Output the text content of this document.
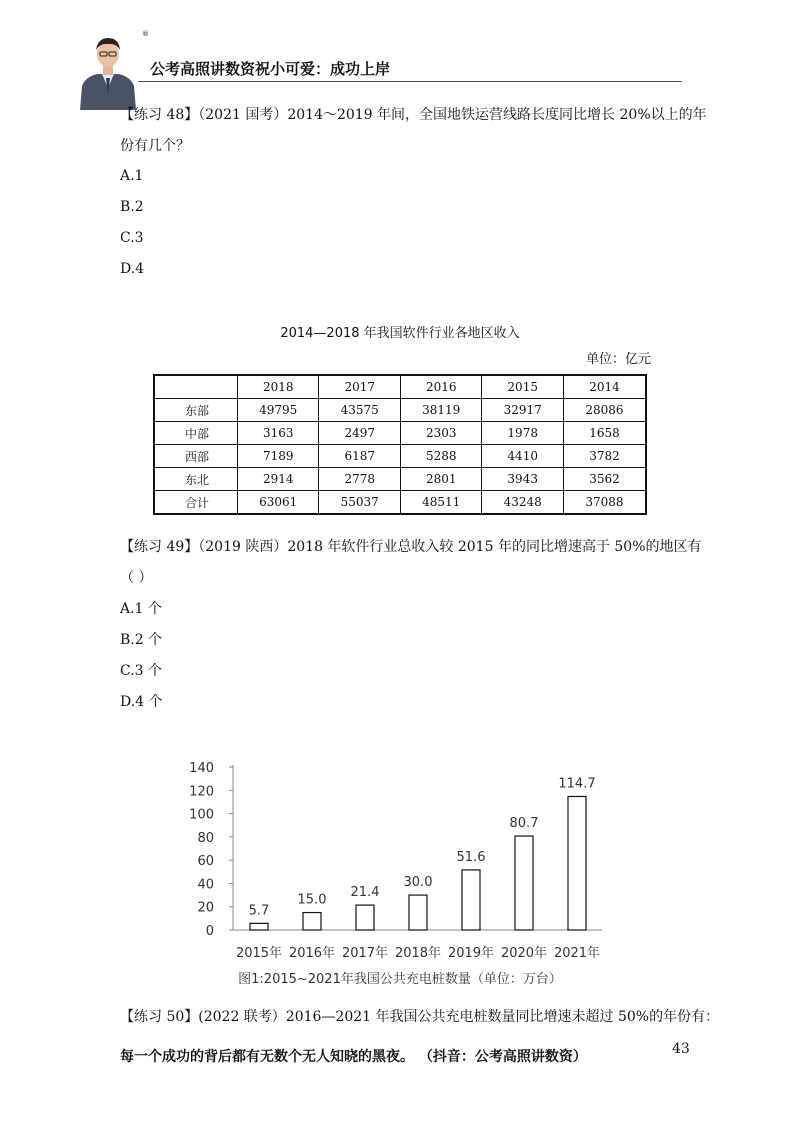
®
公考高照讲数资祝小可爱：成功上岸
【练习 48】（2021 国考）2014～2019 年间，全国地铁运营线路长度同比增长 20%以上的年
份有几个？
A.1
B.2
C.3
D.4
2014—2018 年我国软件行业各地区收入
单位：亿元
	2018	2017	2016	2015	2014
东部	49795	43575	38119	32917	28086
中部	3163	2497	2303	1978	1658
西部	7189	6187	5288	4410	3782
东北	2914	2778	2801	3943	3562
合计	63061	55037	48511	43248	37088
【练习 49】（2019 陕西）2018 年软件行业总收入较 2015 年的同比增速高于 50%的地区有
（ ）
A.1 个
B.2 个
C.3 个
D.4 个
0
20
40
60
80
100
120
140
5.7
2015年
15.0
2016年
21.4
2017年
30.0
2018年
51.6
2019年
80.7
2020年
114.7
2021年
图1:2015~2021年我国公共充电桩数量（单位：万台）
【练习 50】(2022 联考）2016—2021 年我国公共充电桩数量同比增速未超过 50%的年份有：
每一个成功的背后都有无数个无人知晓的黑夜。 （抖音：公考高照讲数资）	43
